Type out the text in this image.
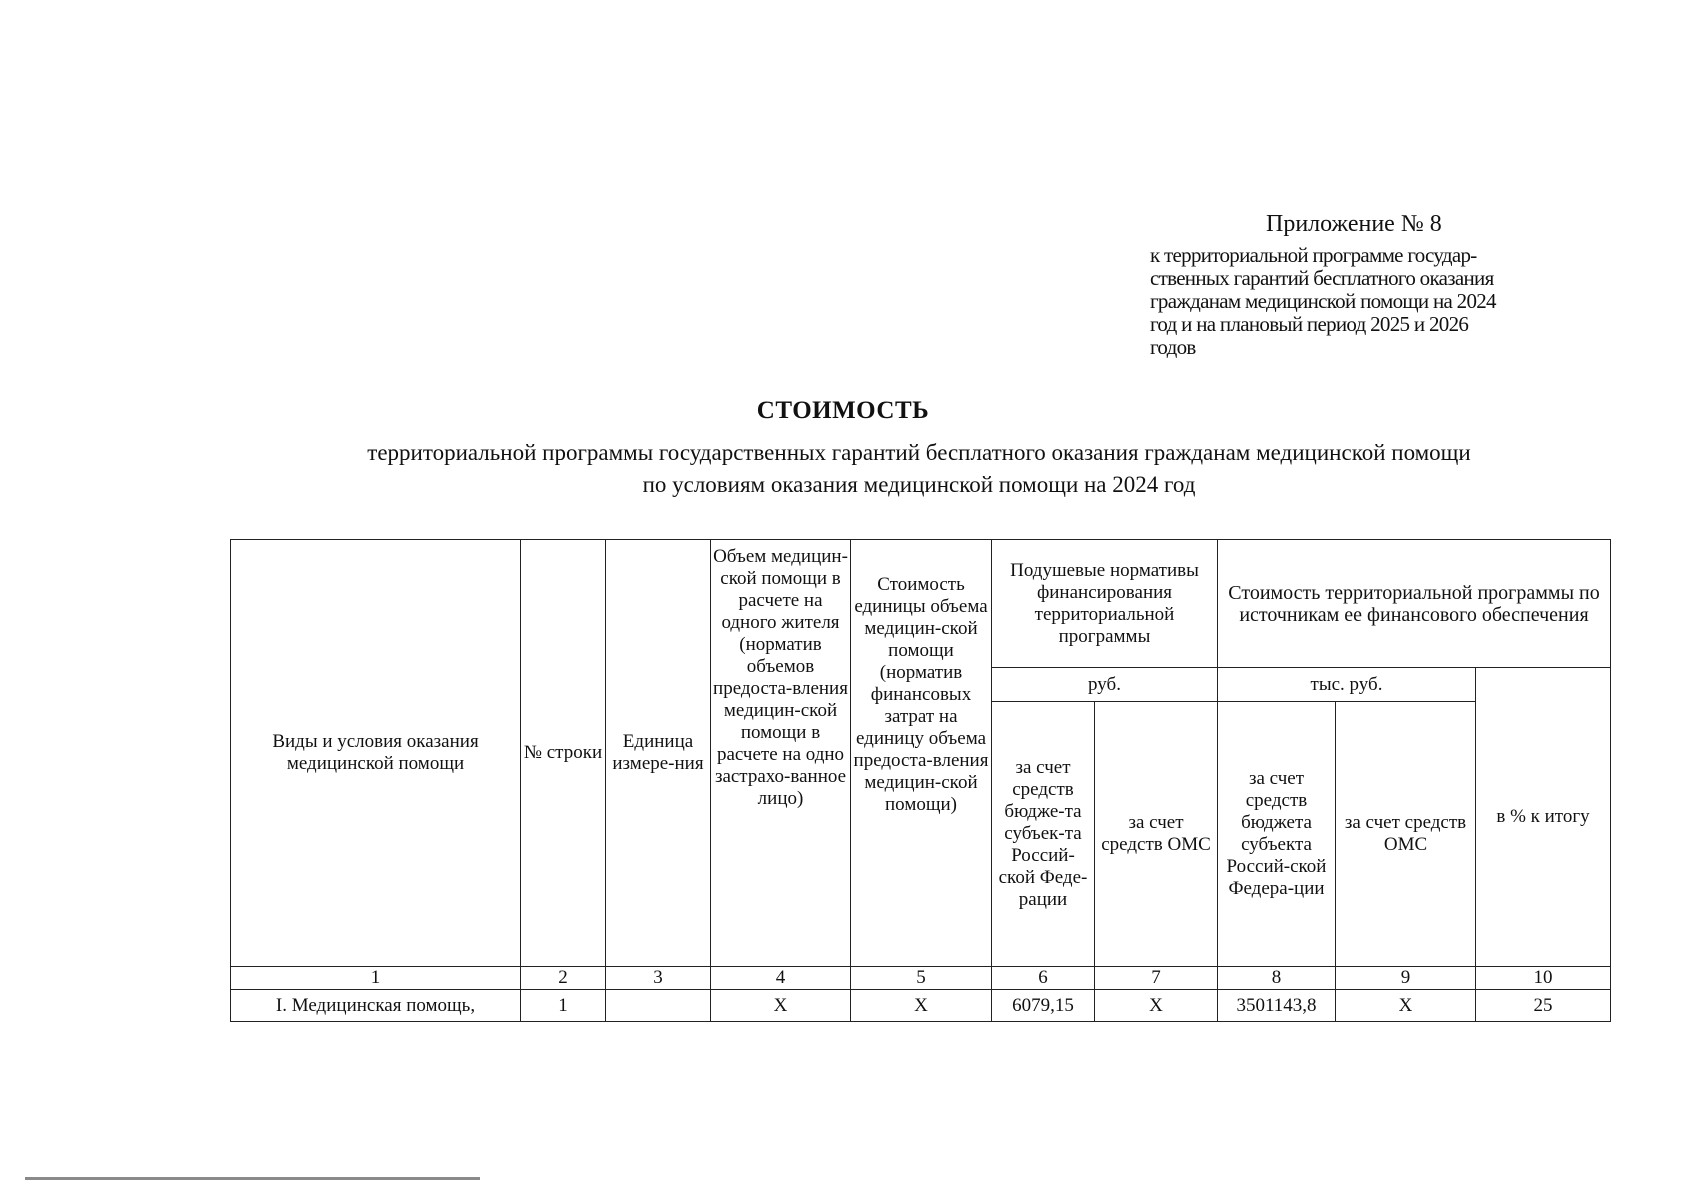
Приложение № 8
к территориальной программе государ-
ственных гарантий бесплатного оказания
гражданам медицинской помощи на 2024
год и на плановый период 2025 и 2026
годов
СТОИМОСТЬ
территориальной программы государственных гарантий бесплатного оказания гражданам медицинской помощи
по условиям оказания медицинской помощи на 2024 год
Виды и условия оказания медицинской помощи	№ строки	Единица измере-ния	Объем медицин-ской помощи в расчете на одного жителя (норматив объемов предоста-вления медицин-ской помощи в расчете на одно застрахо-ванное лицо)	Стоимость единицы объема медицин-ской помощи (норматив финансовых затрат на единицу объема предоста-вления медицин-ской помощи)	Подушевые нормативы финансирования территориальной программы		Стоимость территориальной программы по источникам ее финансового обеспечения		
					руб.		тыс. руб.		в % к итогу
					за счет средств бюдже-та субъек-та Россий-ской Феде-рации	за счет средств ОМС	за счет средств бюджета субъекта Россий-ской Федера-ции	за счет средств ОМС	
1	2	3	4	5	6	7	8	9	10
I. Медицинская помощь,	1		X	X	6079,15	X	3501143,8	X	25
